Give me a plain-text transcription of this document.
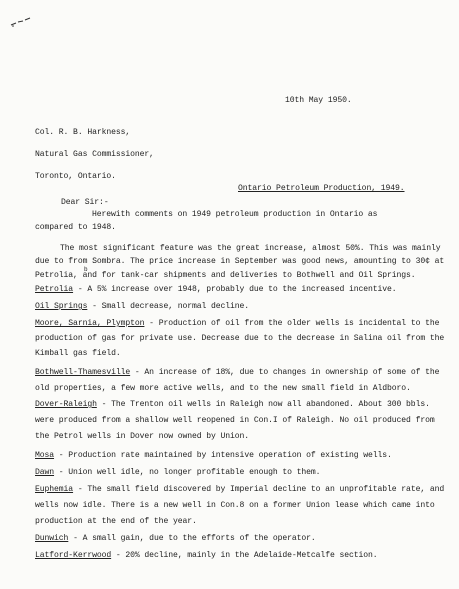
10th May 1950.
Col. R. B. Harkness,
Natural Gas Commissioner,
Toronto, Ontario.
Ontario Petroleum Production, 1949.
Dear Sir:-
Herewith comments on 1949 petroleum production in Ontario as
compared to 1948.
The most significant feature was the great increase, almost 50%. This was mainly
due to from Sombra. The price increase in September was good news, amounting to 30¢ at
b
Petrolia, and for tank-car shipments and deliveries to Bothwell and Oil Springs.
Petrolia - A 5% increase over 1948, probably due to the increased incentive.
Oil Springs - Small decrease, normal decline.
Moore, Sarnia, Plympton - Production of oil from the older wells is incidental to the
production of gas for private use. Decrease due to the decrease in Salina oil from the
Kimball gas field.
Bothwell-Thamesville - An increase of 18%, due to changes in ownership of some of the
old properties, a few more active wells, and to the new small field in Aldboro.
Dover-Raleigh - The Trenton oil wells in Raleigh now all abandoned. About 300 bbls.
were produced from a shallow well reopened in Con.I of Raleigh. No oil produced from
the Petrol wells in Dover now owned by Union.
Mosa - Production rate maintained by intensive operation of existing wells.
Dawn - Union well idle, no longer profitable enough to them.
Euphemia - The small field discovered by Imperial decline to an unprofitable rate, and
wells now idle. There is a new well in Con.8 on a former Union lease which came into
production at the end of the year.
Dunwich - A small gain, due to the efforts of the operator.
Latford-Kerrwood - 20% decline, mainly in the Adelaide-Metcalfe section.
